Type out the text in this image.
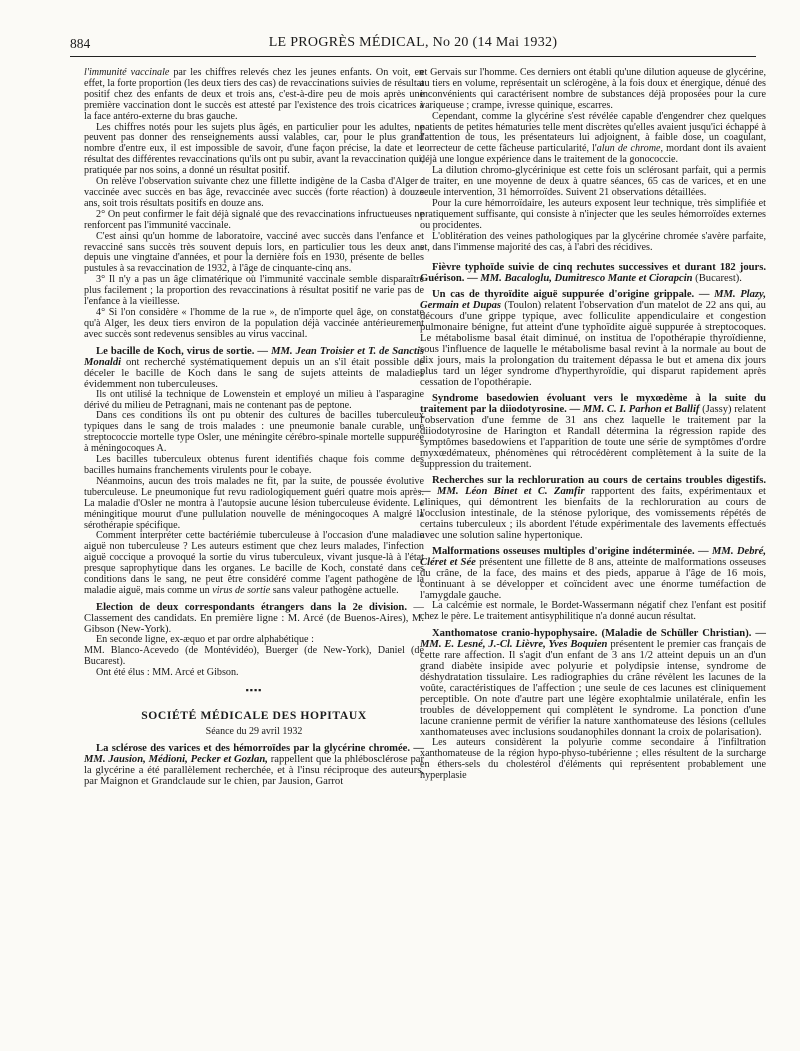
884	LE PROGRÈS MÉDICAL, No 20 (14 Mai 1932)

l'immunité vaccinale par les chiffres relevés chez les jeunes enfants. On voit, en effet, la forte proportion (les deux tiers des cas) de revaccinations suivies de résultat positif chez des enfants de deux et trois ans, c'est-à-dire peu de mois après une première vaccination dont le succès est attesté par l'existence des trois cicatrices à la face antéro-externe du bras gauche.

Les chiffres notés pour les sujets plus âgés, en particulier pour les adultes, ne peuvent pas donner des renseignements aussi valables, car, pour le plus grand nombre d'entre eux, il est impossible de savoir, d'une façon précise, la date et le résultat des différentes revaccinations qu'ils ont pu subir, avant la revaccination qui, pratiquée par nos soins, a donné un résultat positif.

On relève l'observation suivante chez une fillette indigène de la Casba d'Alger : vaccinée avec succès en bas âge, revaccinée avec succès (forte réaction) à douze ans, soit trois résultats positifs en douze ans.

2° On peut confirmer le fait déjà signalé que des revaccinations infructueuses ne renforcent pas l'immunité vaccinale.

C'est ainsi qu'un homme de laboratoire, vacciné avec succès dans l'enfance et revacciné sans succès très souvent depuis lors, en particulier tous les deux ans depuis une vingtaine d'années, et pour la dernière fois en 1930, présente de belles pustules à sa revaccination de 1932, à l'âge de cinquante-cinq ans.

3° Il n'y a pas un âge climatérique où l'immunité vaccinale semble disparaître plus facilement ; la proportion des revaccinations à résultat positif ne varie pas de l'enfance à la vieillesse.

4° Si l'on considère « l'homme de la rue », de n'importe quel âge, on constate qu'à Alger, les deux tiers environ de la population déjà vaccinée antérieurement avec succès sont redevenus sensibles au virus vaccinal.

Le bacille de Koch, virus de sortie. — MM. Jean Troisier et T. de Sanctis Monaldi ont recherché systématiquement depuis un an s'il était possible de déceler le bacille de Koch dans le sang de sujets atteints de maladies évidemment non tuberculeuses.

Ils ont utilisé la technique de Lowenstein et employé un milieu à l'asparagine dérivé du milieu de Petragnani, mais ne contenant pas de peptone.

Dans ces conditions ils ont pu obtenir des cultures de bacilles tuberculeux typiques dans le sang de trois malades : une pneumonie banale curable, une streptococcie mortelle type Osler, une méningite cérébro-spinale mortelle suppurée à méningocoques A.

Les bacilles tuberculeux obtenus furent identifiés chaque fois comme des bacilles humains franchements virulents pour le cobaye.

Néanmoins, aucun des trois malades ne fit, par la suite, de poussée évolutive tuberculeuse. Le pneumonique fut revu radiologiquement guéri quatre mois après. La maladie d'Osler ne montra à l'autopsie aucune lésion tuberculeuse évidente. Le méningitique mourut d'une pullulation nouvelle de méningocoques A malgré la sérothérapie spécifique.

Comment interpréter cette bactériémie tuberculeuse à l'occasion d'une maladie aiguë non tuberculeuse ? Les auteurs estiment que chez leurs malades, l'infection aiguë coccique a provoqué la sortie du virus tuberculeux, vivant jusque-là à l'état presque saprophytique dans les organes. Le bacille de Koch, constaté dans ces conditions dans le sang, ne peut être considéré comme l'agent pathogène de la maladie aiguë, mais comme un virus de sortie sans valeur pathogène actuelle.

Election de deux correspondants étrangers dans la 2e division. — Classement des candidats. En première ligne : M. Arcé (de Buenos-Aires), M. Gibson (New-York).

En seconde ligne, ex-æquo et par ordre alphabétique :

MM. Blanco-Acevedo (de Montévidéo), Buerger (de New-York), Daniel (de Bucarest).

Ont été élus : MM. Arcé et Gibson.

▪▪▪▪
SOCIÉTÉ MÉDICALE DES HOPITAUX
Séance du 29 avril 1932
La sclérose des varices et des hémorroïdes par la glycérine chromée. — MM. Jausion, Médioni, Pecker et Gozlan, rappellent que la phlébosclérose par la glycérine a été parallèlement recherchée, et à l'insu réciproque des auteurs, par Maignon et Grandclaude sur le chien, par Jausion, Garrot

et Gervais sur l'homme. Ces derniers ont établi qu'une dilution aqueuse de glycérine, au tiers en volume, représentait un sclérogène, à la fois doux et énergique, dénué des inconvénients qui caractérisent nombre de substances déjà proposées pour la cure variqueuse ; crampe, ivresse quinique, escarres.

Cependant, comme la glycérine s'est révélée capable d'engendrer chez quelques patients de petites hématuries telle ment discrètes qu'elles avaient jusqu'ici échappé à l'attention de tous, les présentateurs lui adjoignent, à faible dose, un coagulant, correcteur de cette fâcheuse particularité, l'alun de chrome, mordant dont ils avaient déjà une longue expérience dans le traitement de la gonococcie.

La dilution chromo-glycérinique est cette fois un sclérosant parfait, qui a permis de traiter, en une moyenne de deux à quatre séances, 65 cas de varices, et en une seule intervention, 31 hémorroïdes. Suivent 21 observations détaillées.

Pour la cure hémorroïdaire, les auteurs exposent leur technique, très simplifiée et pratiquement suffisante, qui consiste à n'injecter que les seules hémorroïdes externes ou procidentes.

L'oblitération des veines pathologiques par la glycérine chromée s'avère parfaite, et, dans l'immense majorité des cas, à l'abri des récidives.

Fièvre typhoïde suivie de cinq rechutes successives et durant 182 jours. Guérison. — MM. Bacaloglu, Dumitresco Mante et Ciorapcin (Bucarest).
Un cas de thyroïdite aiguë suppurée d'origine grippale. — MM. Plazy, Germain et Dupas (Toulon) relatent l'observation d'un matelot de 22 ans qui, au décours d'une grippe typique, avec folliculite appendiculaire et congestion pulmonaire bénigne, fut atteint d'une typhoïdite aiguë suppurée à streptocoques. Le métabolisme basal était diminué, on institua de l'opothérapie thyroïdienne, sous l'influence de laquelle le métabolisme basal revint à la normale au bout de dix jours, mais la prolongation du traitement dépassa le but et amena dix jours plus tard un léger syndrome d'hyperthyroïdie, qui disparut rapidement après cessation de l'opothérapie.
Syndrome basedowien évoluant vers le myxœdème à la suite du traitement par la diiodotyrosine. — MM. C. I. Parhon et Ballif (Jassy) relatent l'observation d'une femme de 31 ans chez laquelle le traitement par la diiodotyrosine de Harington et Randall détermina la régression rapide des symptômes basedowiens et l'apparition de toute une série de symptômes d'ordre myxœdémateux, phénomènes qui rétrocédèrent complètement à la suite de la suppression du traitement.
Recherches sur la rechloruration au cours de certains troubles digestifs. — MM. Léon Binet et C. Zamfir rapportent des faits, expérimentaux et cliniques, qui démontrent les bienfaits de la rechloruration au cours de l'occlusion intestinale, de la sténose pylorique, des vomissements répétés de certains tuberculeux ; ils abordent l'étude expérimentale des lavements effectués avec une solution saline hypertonique.
Malformations osseuses multiples d'origine indéterminée. — MM. Debré, Cléret et Sée présentent une fillette de 8 ans, atteinte de malformations osseuses du crâne, de la face, des mains et des pieds, apparue à l'âge de 16 mois, continuant à se développer et coïncident avec une énorme tuméfaction de l'amygdale gauche.

La calcémie est normale, le Bordet-Wassermann négatif chez l'enfant est positif chez le père. Le traitement antisyphilitique n'a donné aucun résultat.

Xanthomatose cranio-hypophysaire. (Maladie de Schüller Christian). — MM. E. Lesné, J.-Cl. Lièvre, Yves Boquien présentent le premier cas français de cette rare affection. Il s'agit d'un enfant de 3 ans 1/2 atteint depuis un an d'un grand diabète insipide avec polyurie et polydipsie intense, syndrome de déshydratation tissulaire. Les radiographies du crâne révèlent les lacunes de la voûte, caractéristiques de l'affection ; une seule de ces lacunes est cliniquement perceptible. On note d'autre part une légère exophtalmie unilatérale, enfin les troubles de développement qui complètent le syndrome. La ponction d'une lacune cranienne permit de vérifier la nature xanthomateuse des lésions (cellules xanthomateuses avec inclusions soudanophiles donnant la croix de polarisation).

Les auteurs considèrent la polyurie comme secondaire à l'infiltration xanthomateuse de la région hypo-physo-tubérienne ; elles résultent de la surcharge en éthers-sels du cholestérol d'éléments qui représentent probablement une hyperplasie
